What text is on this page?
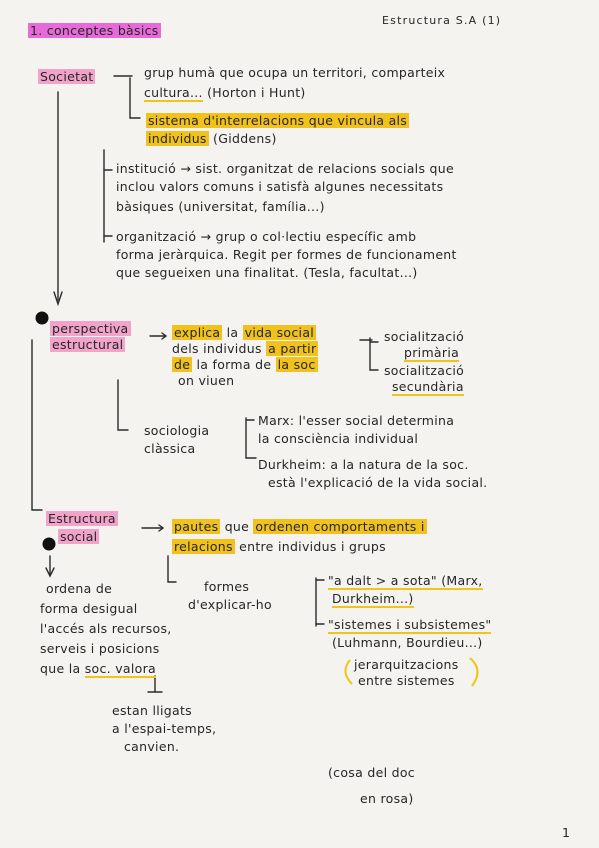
1. conceptes bàsics
Estructura S.A (1)
Societat	grup humà que ocupa un territori, comparteix
cultura... (Horton i Hunt)
sistema d'interrelacions que vincula als
individus (Giddens)
institució → sist. organitzat de relacions socials que
inclou valors comuns i satisfà algunes necessitats
bàsiques (universitat, família...)
organització → grup o col·lectiu específic amb
forma jeràrquica. Regit per formes de funcionament
que segueixen una finalitat. (Tesla, facultat...)
perspectiva
estructural
explica la vida social
dels individus a partir
de la forma de la soc
on viuen
socialització
primària
socialització
secundària
sociologia
clàssica
Marx: l'esser social determina
la consciència individual
Durkheim: a la natura de la soc.
està l'explicació de la vida social.
Estructura
social
pautes que ordenen comportaments i
relacions entre individus i grups
ordena de
forma desigual
l'accés als recursos,
serveis i posicions
que la soc. valora
estan lligats
a l'espai-temps,
canvien.
formes
d'explicar-ho
"a dalt > a sota" (Marx,
Durkheim...)
"sistemes i subsistemes"
(Luhmann, Bourdieu...)
jerarquitzacions
entre sistemes
(cosa del doc
en rosa)
1
